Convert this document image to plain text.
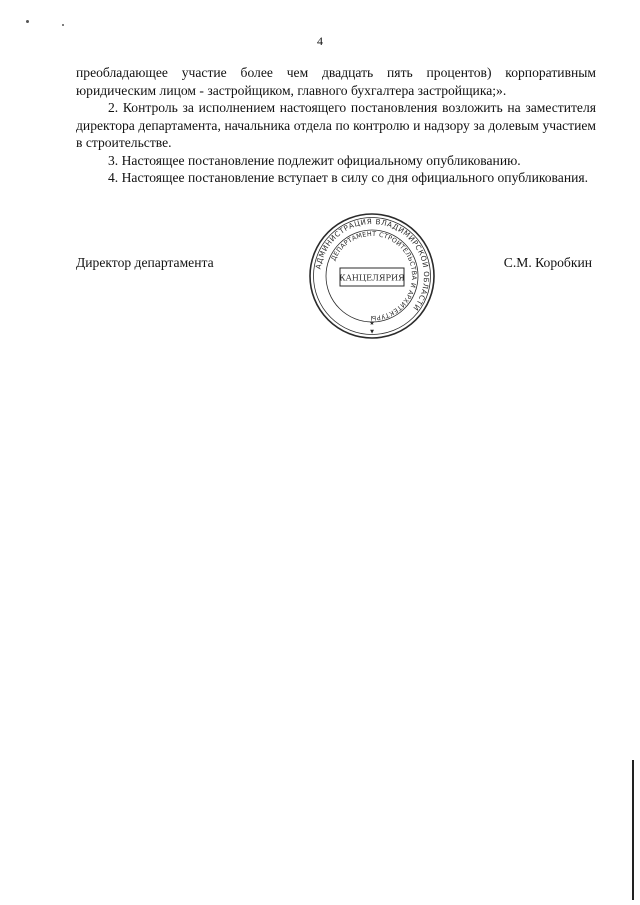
4

преобладающее участие более чем двадцать пять процентов) корпоративным юридическим лицом - застройщиком, главного бухгалтера застройщика;».

2. Контроль за исполнением настоящего постановления возложить на заместителя директора департамента, начальника отдела по контролю и надзору за долевым участием в строительстве.

3. Настоящее постановление подлежит официальному опубликованию.

4. Настоящее постановление вступает в силу со дня официального опубликования.

Директор департамента	С.М. Коробкин
АДМИНИСТРАЦИЯ ВЛАДИМИРСКОЙ ОБЛАСТИ
ДЕПАРТАМЕНТ СТРОИТЕЛЬСТВА И АРХИТЕКТУРЫ
КАНЦЕЛЯРИЯ
★
▼
